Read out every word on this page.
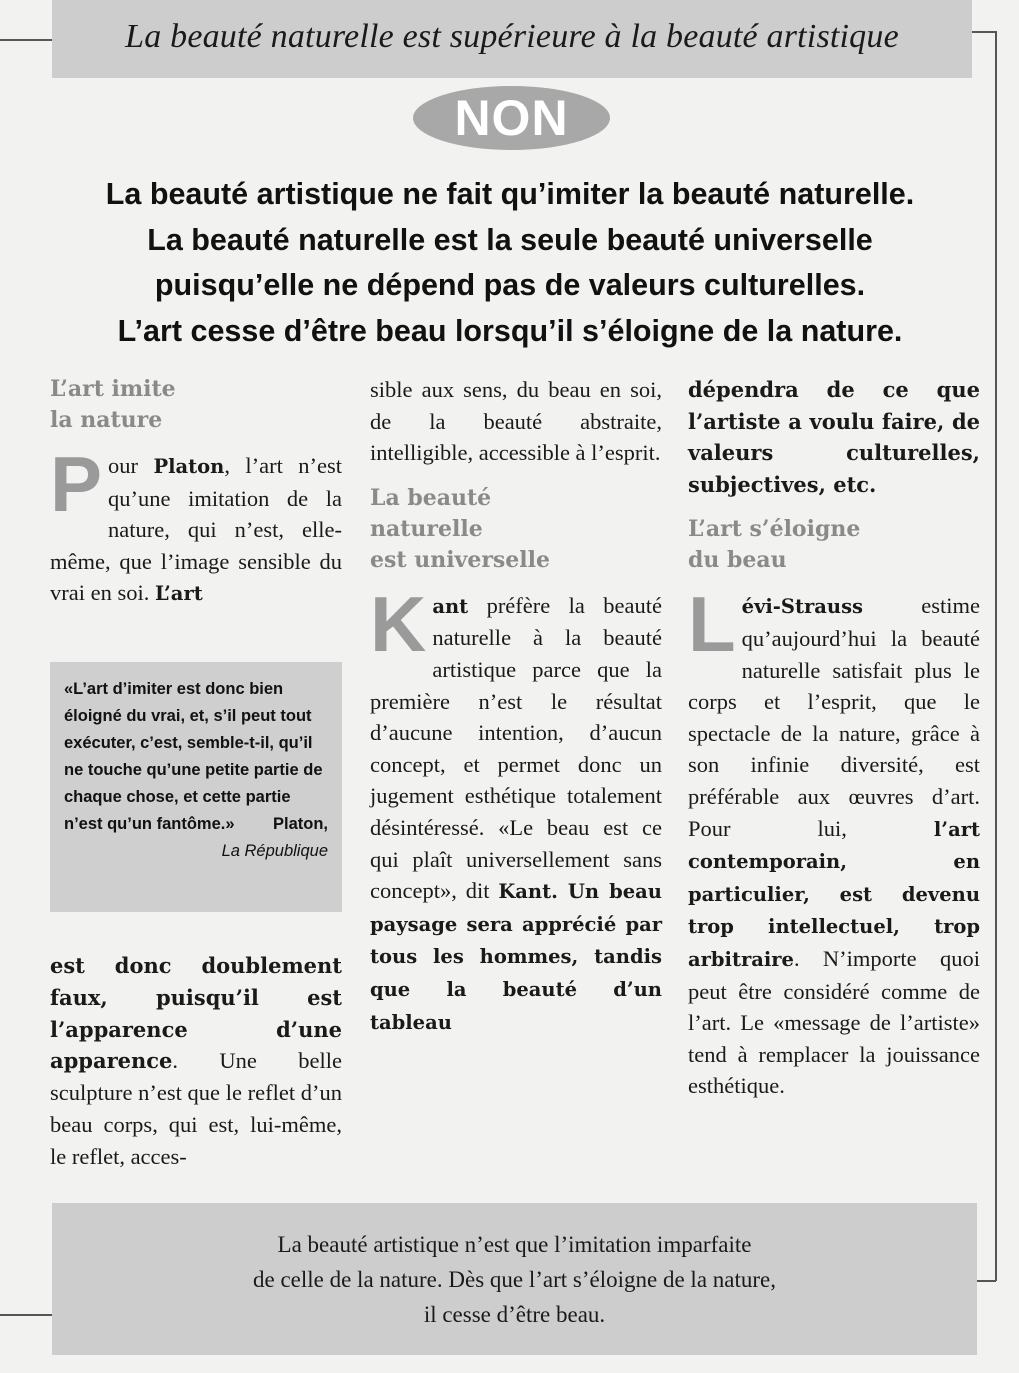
La beauté naturelle est supérieure à la beauté artistique
NON
La beauté artistique ne fait qu’imiter la beauté naturelle.
La beauté naturelle est la seule beauté universelle
puisqu’elle ne dépend pas de valeurs culturelles.
L’art cesse d’être beau lorsqu’il s’éloigne de la nature.
L’art imite
la nature

Pour Platon, l’art n’est qu’une imitation de la nature, qui n’est, elle-même, que l’image sensible du vrai en soi. L’art

«L’art d’imiter est donc bien éloigné du vrai, et, s’il peut tout exécuter, c’est, semble-t-il, qu’il ne touche qu’une petite partie de chaque chose, et cette partie n’est qu’un fantôme.» Platon,
La République

est donc doublement faux, puisqu’il est l’apparence d’une apparence. Une belle sculpture n’est que le reflet d’un beau corps, qui est, lui-même, le reflet, acces-

sible aux sens, du beau en soi, de la beauté abstraite, intelligible, accessible à l’esprit.

La beauté
naturelle
est universelle

Kant préfère la beauté naturelle à la beauté artistique parce que la première n’est le résultat d’aucune intention, d’aucun concept, et permet donc un jugement esthétique totalement désintéressé. «Le beau est ce qui plaît universellement sans concept», dit Kant. Un beau paysage sera apprécié par tous les hommes, tandis que la beauté d’un tableau

dépendra de ce que l’artiste a voulu faire, de valeurs culturelles, subjectives, etc.

L’art s’éloigne
du beau

Lévi-Strauss estime qu’aujourd’hui la beauté naturelle satisfait plus le corps et l’esprit, que le spectacle de la nature, grâce à son infinie diversité, est préférable aux œuvres d’art. Pour lui, l’art contemporain, en particulier, est devenu trop intellectuel, trop arbitraire. N’importe quoi peut être considéré comme de l’art. Le «message de l’artiste» tend à remplacer la jouissance esthétique.

La beauté artistique n’est que l’imitation imparfaite
de celle de la nature. Dès que l’art s’éloigne de la nature,
il cesse d’être beau.
